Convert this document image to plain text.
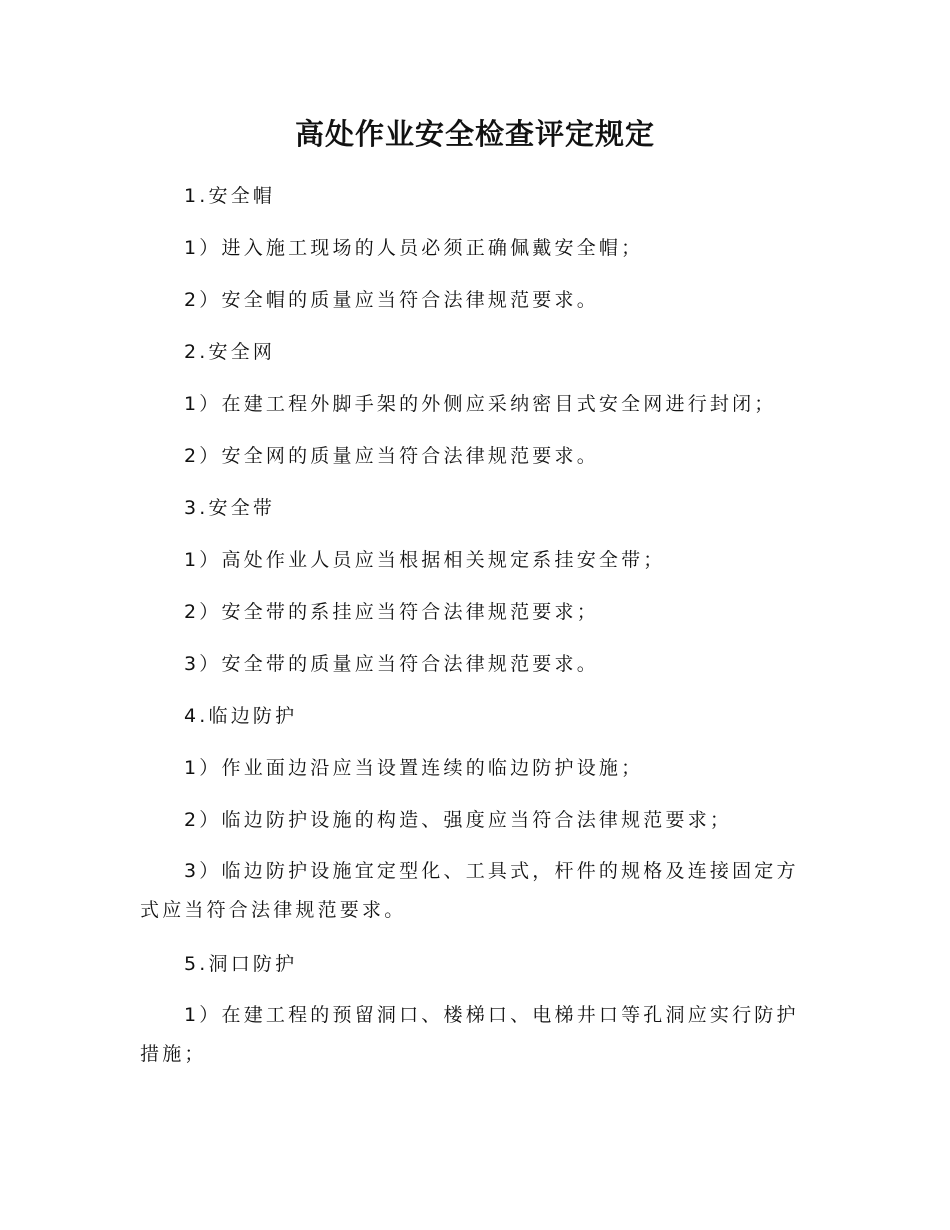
高处作业安全检查评定规定

1.安全帽

1）进入施工现场的人员必须正确佩戴安全帽；

2）安全帽的质量应当符合法律规范要求。

2.安全网

1）在建工程外脚手架的外侧应采纳密目式安全网进行封闭；

2）安全网的质量应当符合法律规范要求。

3.安全带

1）高处作业人员应当根据相关规定系挂安全带；

2）安全带的系挂应当符合法律规范要求；

3）安全带的质量应当符合法律规范要求。

4.临边防护

1）作业面边沿应当设置连续的临边防护设施；

2）临边防护设施的构造、强度应当符合法律规范要求；

3）临边防护设施宜定型化、工具式，杆件的规格及连接固定方式应当符合法律规范要求。

5.洞口防护

1）在建工程的预留洞口、楼梯口、电梯井口等孔洞应实行防护措施；
